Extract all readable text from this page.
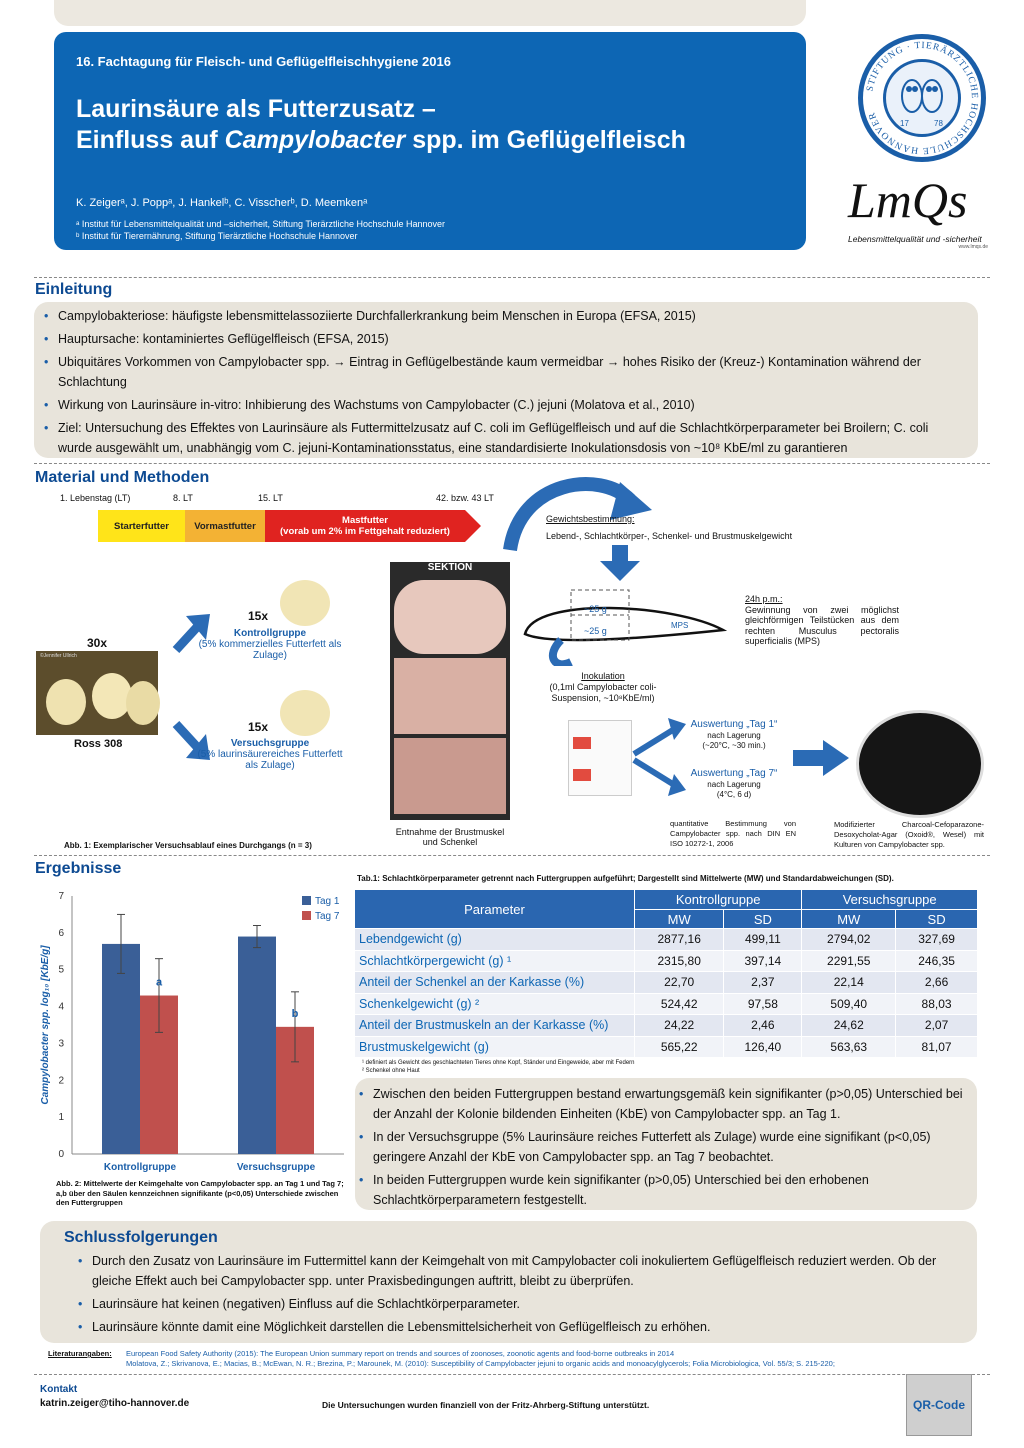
16. Fachtagung für Fleisch- und Geflügelfleischhygiene 2016
Laurinsäure als Futterzusatz –
Einfluss auf Campylobacter spp. im Geflügelfleisch
K. Zeigerᵃ, J. Poppᵃ, J. Hankelᵇ, C. Visscherᵇ, D. Meemkenᵃ
ᵃ Institut für Lebensmittelqualität und –sicherheit, Stiftung Tierärztliche Hochschule Hannover
ᵇ Institut für Tierernährung, Stiftung Tierärztliche Hochschule Hannover
STIFTUNG · TIERÄRZTLICHE HOCHSCHULE HANNOVER
17	78
LmQs
Lebensmittelqualität und -sicherheit
www.lmqs.de
Einleitung
• Campylobakteriose: häufigste lebensmittelassoziierte Durchfallerkrankung beim Menschen in Europa (EFSA, 2015)
• Hauptursache: kontaminiertes Geflügelfleisch (EFSA, 2015)
• Ubiquitäres Vorkommen von Campylobacter spp. → Eintrag in Geflügelbestände kaum vermeidbar → hohes Risiko der (Kreuz-) Kontamination während der Schlachtung
• Wirkung von Laurinsäure in-vitro: Inhibierung des Wachstums von Campylobacter (C.) jejuni (Molatova et al., 2010)
• Ziel: Untersuchung des Effektes von Laurinsäure als Futtermittelzusatz auf C. coli im Geflügelfleisch und auf die Schlachtkörperparameter bei Broilern; C. coli wurde ausgewählt um, unabhängig vom C. jejuni-Kontaminationsstatus, eine standardisierte Inokulationsdosis von ~10⁸ KbE/ml zu garantieren
Material und Methoden
1. Lebenstag (LT)	8. LT	15. LT	42. bzw. 43 LT
Starterfutter	Vormastfutter	Mastfutter
(vorab um 2% im Fettgehalt reduziert)
Gewichtsbestimmung:
Lebend-, Schlachtkörper-, Schenkel- und Brustmuskelgewicht
©Jennifer Ullrich
30x
Ross 308
15x
Kontrollgruppe
(5% kommerzielles Futterfett als Zulage)
15x
Versuchsgruppe
(5% laurinsäurereiches Futterfett als Zulage)
SEKTION
Entnahme der Brustmuskel und Schenkel
~25 g
~25 g
MPS
24h p.m.:
Gewinnung von zwei möglichst gleichförmigen Teilstücken aus dem rechten Musculus pectoralis superficialis (MPS)
Inokulation
(0,1ml Campylobacter coli-Suspension, ~10⁸KbE/ml)
Auswertung „Tag 1“
nach Lagerung
(~20°C, ~30 min.)
Auswertung „Tag 7“
nach Lagerung
(4°C, 6 d)
quantitative Bestimmung von Campylobacter spp. nach DIN EN ISO 10272-1, 2006
Modifizierter Charcoal-Cefoparazone-Desoxycholat-Agar (Oxoid®, Wesel) mit Kulturen von Campylobacter spp.
Abb. 1: Exemplarischer Versuchsablauf eines Durchgangs (n = 3)
Ergebnisse
0
1
2
3
4
5
6
7
Campylobacter spp. log₁₀ [KbE/g]	a
Kontrollgruppe
b
Versuchsgruppe
Tag 1
Tag 7
Abb. 2: Mittelwerte der Keimgehalte von Campylobacter spp. an Tag 1 und Tag 7; a,b über den Säulen kennzeichnen signifikante (p<0,05) Unterschiede zwischen den Futtergruppen
Tab.1: Schlachtkörperparameter getrennt nach Futtergruppen aufgeführt; Dargestellt sind Mittelwerte (MW) und Standardabweichungen (SD).
Parameter	Kontrollgruppe		Versuchsgruppe	
	MW	SD	MW	SD
Lebendgewicht (g)	2877,16	499,11	2794,02	327,69
Schlachtkörpergewicht (g) ¹	2315,80	397,14	2291,55	246,35
Anteil der Schenkel an der Karkasse (%)	22,70	2,37	22,14	2,66
Schenkelgewicht (g) ²	524,42	97,58	509,40	88,03
Anteil der Brustmuskeln an der Karkasse (%)	24,22	2,46	24,62	2,07
Brustmuskelgewicht (g)	565,22	126,40	563,63	81,07
¹ definiert als Gewicht des geschlachteten Tieres ohne Kopf, Ständer und Eingeweide, aber mit Federn
² Schenkel ohne Haut
• Zwischen den beiden Futtergruppen bestand erwartungsgemäß kein signifikanter (p>0,05) Unterschied bei der Anzahl der Kolonie bildenden Einheiten (KbE) von Campylobacter spp. an Tag 1.
• In der Versuchsgruppe (5% Laurinsäure reiches Futterfett als Zulage) wurde eine signifikant (p<0,05) geringere Anzahl der KbE von Campylobacter spp. an Tag 7 beobachtet.
• In beiden Futtergruppen wurde kein signifikanter (p>0,05) Unterschied bei den erhobenen Schlachtkörperparametern festgestellt.
Schlussfolgerungen
• Durch den Zusatz von Laurinsäure im Futtermittel kann der Keimgehalt von mit Campylobacter coli inokuliertem Geflügelfleisch reduziert werden. Ob der gleiche Effekt auch bei Campylobacter spp. unter Praxisbedingungen auftritt, bleibt zu überprüfen.
• Laurinsäure hat keinen (negativen) Einfluss auf die Schlachtkörperparameter.
• Laurinsäure könnte damit eine Möglichkeit darstellen die Lebensmittelsicherheit von Geflügelfleisch zu erhöhen.
Literaturangaben: European Food Safety Authority (2015): The European Union summary report on trends and sources of zoonoses, zoonotic agents and food-borne outbreaks in 2014
Molatova, Z.; Skrivanova, E.; Macias, B.; McEwan, N. R.; Brezina, P.; Marounek, M. (2010): Susceptibility of Campylobacter jejuni to organic acids and monoacylglycerols; Folia Microbiologica, Vol. 55/3; S. 215-220;
Kontakt
katrin.zeiger@tiho-hannover.de	Die Untersuchungen wurden finanziell von der Fritz-Ahrberg-Stiftung unterstützt.	QR-Code
